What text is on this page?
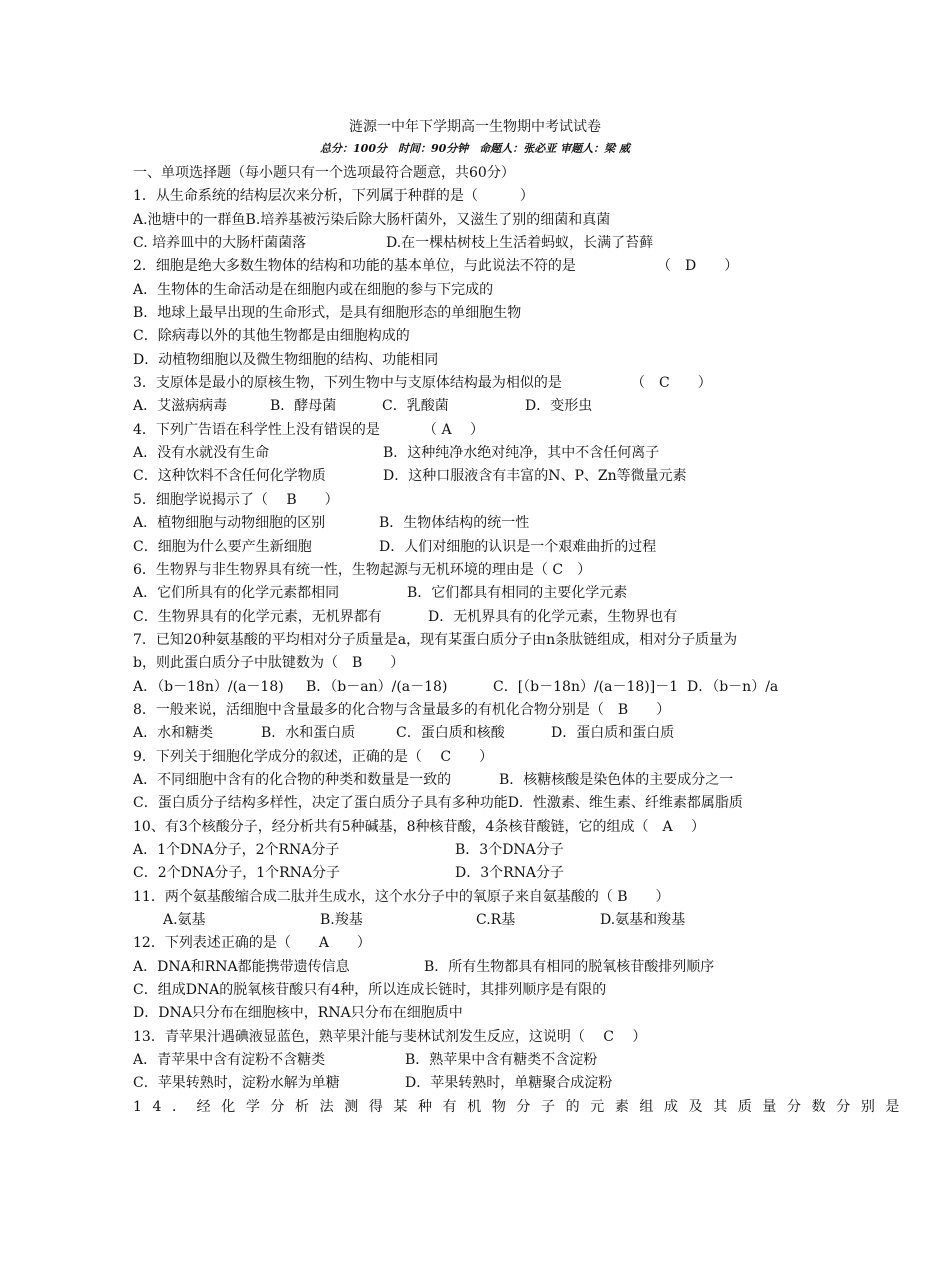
涟源一中年下学期高一生物期中考试试卷
总分：100分　时间：90分钟　命题人：张必亚 审题人：梁 威
一、单项选择题（每小题只有一个选项最符合题意，共60分）
1．从生命系统的结构层次来分析，下列属于种群的是（　　　）
A.池塘中的一群鱼B.培养基被污染后除大肠杆菌外，又滋生了别的细菌和真菌
C. 培养皿中的大肠杆菌菌落	D.在一棵枯树枝上生活着蚂蚁，长满了苔藓
2．细胞是绝大多数生物体的结构和功能的基本单位，与此说法不符的是	（　D　　）
A．生物体的生命活动是在细胞内或在细胞的参与下完成的
B．地球上最早出现的生命形式，是具有细胞形态的单细胞生物
C．除病毒以外的其他生物都是由细胞构成的
D．动植物细胞以及微生物细胞的结构、功能相同
3．支原体是最小的原核生物，下列生物中与支原体结构最为相似的是	（　C　　）
A．艾滋病病毒	B．酵母菌	C．乳酸菌	D．变形虫
4．下列广告语在科学性上没有错误的是	（ A　 ）
A．没有水就没有生命	B．这种纯净水绝对纯净，其中不含任何离子
C．这种饮料不含任何化学物质	D．这种口服液含有丰富的N、P、Zn等微量元素
5．细胞学说揭示了（　 B　　）
A．植物细胞与动物细胞的区别	B．生物体结构的统一性
C．细胞为什么要产生新细胞	D．人们对细胞的认识是一个艰难曲折的过程
6．生物界与非生物界具有统一性，生物起源与无机环境的理由是（ C　）
A．它们所具有的化学元素都相同	B．它们都具有相同的主要化学元素
C．生物界具有的化学元素，无机界都有	D．无机界具有的化学元素，生物界也有
7．已知20种氨基酸的平均相对分子质量是a，现有某蛋白质分子由n条肽链组成，相对分子质量为
b，则此蛋白质分子中肽键数为（　B　　）
A．（b－18n）/(a－18) B．（b－an）/(a－18)	C．[（b－18n）/(a－18)]－1 D．（b－n）/a
8．一般来说，活细胞中含量最多的化合物与含量最多的有机化合物分别是（　B　　）
A．水和糖类	B．水和蛋白质	C．蛋白质和核酸	D．蛋白质和蛋白质
9．下列关于细胞化学成分的叙述，正确的是（　 C　　）
A．不同细胞中含有的化合物的种类和数量是一致的	B．核糖核酸是染色体的主要成分之一
C．蛋白质分子结构多样性，决定了蛋白质分子具有多种功能D．性激素、维生素、纤维素都属脂质
10、有3个核酸分子，经分析共有5种碱基，8种核苷酸，4条核苷酸链，它的组成（　A　 ）
A．1个DNA分子，2个RNA分子	B．3个DNA分子
C．2个DNA分子，1个RNA分子	D．3个RNA分子
11．两个氨基酸缩合成二肽并生成水，这个水分子中的氧原子来自氨基酸的（ B　　）
A.氨基	B.羧基	C.R基	D.氨基和羧基
12．下列表述正确的是（　　A　　）
A．DNA和RNA都能携带遗传信息	B．所有生物都具有相同的脱氧核苷酸排列顺序
C．组成DNA的脱氧核苷酸只有4种，所以连成长链时，其排列顺序是有限的
D．DNA只分布在细胞核中，RNA只分布在细胞质中
13．青苹果汁遇碘液显蓝色，熟苹果汁能与斐林试剂发生反应，这说明（　 C　 ）
A．青苹果中含有淀粉不含糖类	B．熟苹果中含有糖类不含淀粉
C．苹果转熟时，淀粉水解为单糖	D．苹果转熟时，单糖聚合成淀粉
14．经化学分析法测得某种有机物分子的元素组成及其质量分数分别是
